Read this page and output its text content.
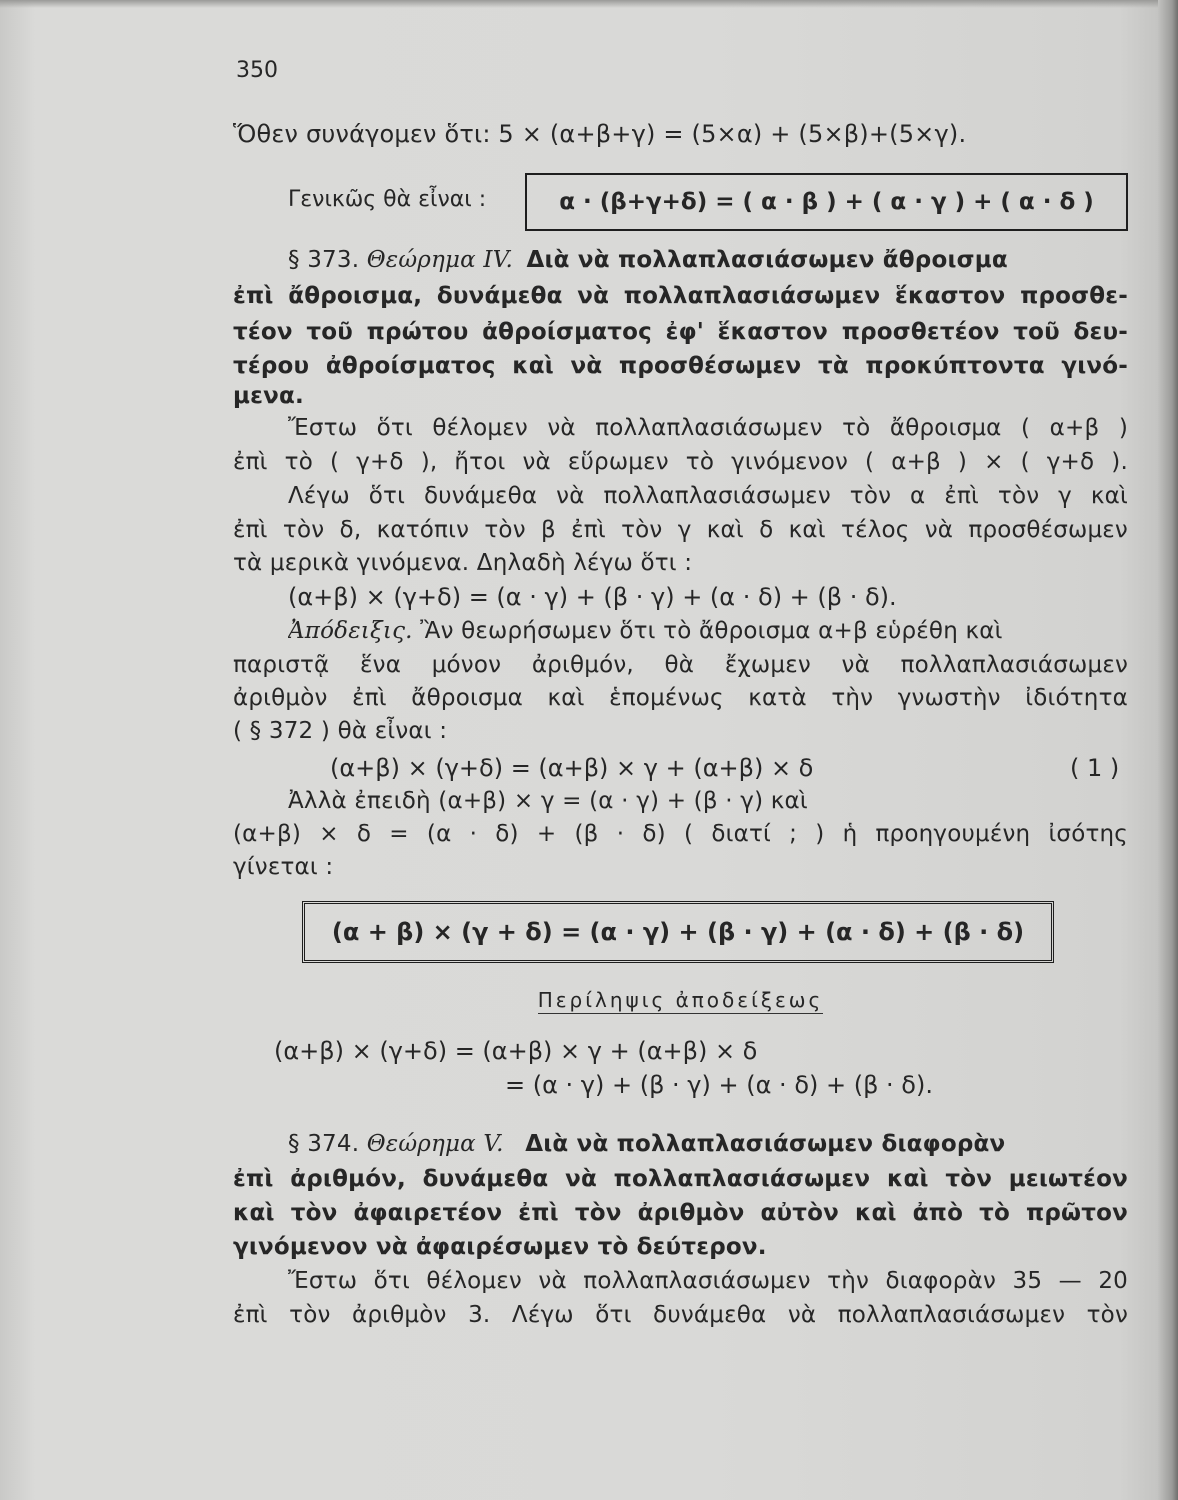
350
Ὅθεν συνάγομεν ὅτι: 5 × (α+β+γ) = (5×α) + (5×β)+(5×γ).
Γενικῶς θὰ εἶναι :	α · (β+γ+δ) = ( α · β ) + ( α · γ ) + ( α · δ )
§ 373. Θεώρημα IV. Διὰ νὰ πολλαπλασιάσωμεν ἄθροισμα
ἐπὶ ἄθροισμα, δυνάμεθα νὰ πολλαπλασιάσωμεν ἕκαστον προσθε-
τέον τοῦ πρώτου ἀθροίσματος ἐφ' ἕκαστον προσθετέον τοῦ δευ-
τέρου ἀθροίσματος καὶ νὰ προσθέσωμεν τὰ προκύπτοντα γινό-
μενα.
Ἔστω ὅτι θέλομεν νὰ πολλαπλασιάσωμεν τὸ ἄθροισμα ( α+β )
ἐπὶ τὸ ( γ+δ ), ἤτοι νὰ εὕρωμεν τὸ γινόμενον ( α+β ) × ( γ+δ ).
Λέγω ὅτι δυνάμεθα νὰ πολλαπλασιάσωμεν τὸν α ἐπὶ τὸν γ καὶ
ἐπὶ τὸν δ, κατόπιν τὸν β ἐπὶ τὸν γ καὶ δ καὶ τέλος νὰ προσθέσωμεν
τὰ μερικὰ γινόμενα. Δηλαδὴ λέγω ὅτι :
(α+β) × (γ+δ) = (α · γ) + (β · γ) + (α · δ) + (β · δ).
Ἀπόδειξις. Ἂν θεωρήσωμεν ὅτι τὸ ἄθροισμα α+β εὑρέθη καὶ
παριστᾷ ἕνα μόνον ἀριθμόν, θὰ ἔχωμεν νὰ πολλαπλασιάσωμεν
ἀριθμὸν ἐπὶ ἄθροισμα καὶ ἑπομένως κατὰ τὴν γνωστὴν ἰδιότητα
( § 372 ) θὰ εἶναι :
(α+β) × (γ+δ) = (α+β) × γ + (α+β) × δ	( 1 )
Ἀλλὰ ἐπειδὴ (α+β) × γ = (α · γ) + (β · γ) καὶ
(α+β) × δ = (α · δ) + (β · δ) ( διατί ; ) ἡ προηγουμένη ἰσότης
γίνεται :
(α + β) × (γ + δ) = (α · γ) + (β · γ) + (α · δ) + (β · δ)
Περίληψις ἀποδείξεως
(α+β) × (γ+δ) = (α+β) × γ + (α+β) × δ
= (α · γ) + (β · γ) + (α · δ) + (β · δ).
§ 374. Θεώρημα V. Διὰ νὰ πολλαπλασιάσωμεν διαφορὰν
ἐπὶ ἀριθμόν, δυνάμεθα νὰ πολλαπλασιάσωμεν καὶ τὸν μειωτέον
καὶ τὸν ἀφαιρετέον ἐπὶ τὸν ἀριθμὸν αὐτὸν καὶ ἀπὸ τὸ πρῶτον
γινόμενον νὰ ἀφαιρέσωμεν τὸ δεύτερον.
Ἔστω ὅτι θέλομεν νὰ πολλαπλασιάσωμεν τὴν διαφορὰν 35 — 20
ἐπὶ τὸν ἀριθμὸν 3. Λέγω ὅτι δυνάμεθα νὰ πολλαπλασιάσωμεν τὸν
